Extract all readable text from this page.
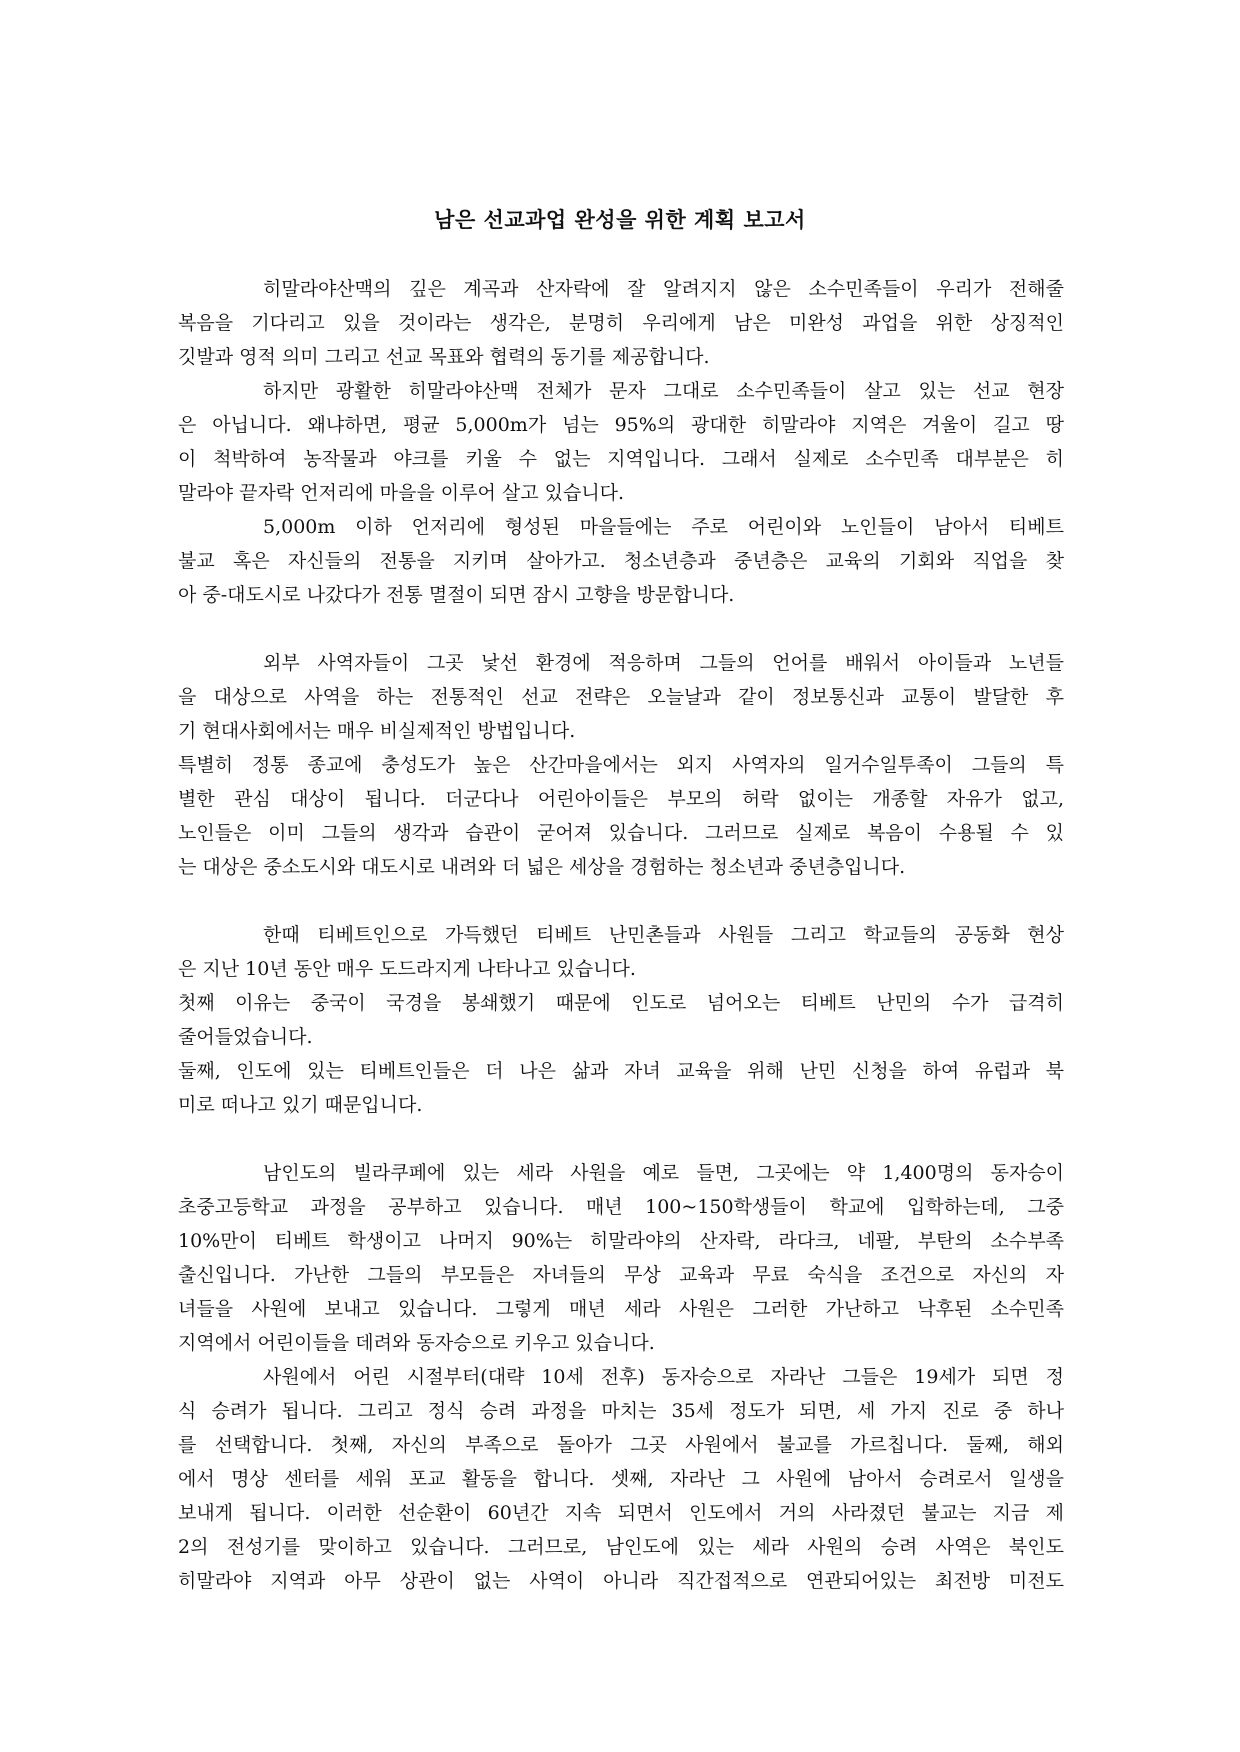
남은 선교과업 완성을 위한 계획 보고서
히말라야산맥의 깊은 계곡과 산자락에 잘 알려지지 않은 소수민족들이 우리가 전해줄
복음을 기다리고 있을 것이라는 생각은, 분명히 우리에게 남은 미완성 과업을 위한 상징적인
깃발과 영적 의미 그리고 선교 목표와 협력의 동기를 제공합니다.
하지만 광활한 히말라야산맥 전체가 문자 그대로 소수민족들이 살고 있는 선교 현장
은 아닙니다. 왜냐하면, 평균 5,000m가 넘는 95%의 광대한 히말라야 지역은 겨울이 길고 땅
이 척박하여 농작물과 야크를 키울 수 없는 지역입니다. 그래서 실제로 소수민족 대부분은 히
말라야 끝자락 언저리에 마을을 이루어 살고 있습니다.
5,000m 이하 언저리에 형성된 마을들에는 주로 어린이와 노인들이 남아서 티베트
불교 혹은 자신들의 전통을 지키며 살아가고. 청소년층과 중년층은 교육의 기회와 직업을 찾
아 중-대도시로 나갔다가 전통 멸절이 되면 잠시 고향을 방문합니다.
외부 사역자들이 그곳 낯선 환경에 적응하며 그들의 언어를 배워서 아이들과 노년들
을 대상으로 사역을 하는 전통적인 선교 전략은 오늘날과 같이 정보통신과 교통이 발달한 후
기 현대사회에서는 매우 비실제적인 방법입니다.
특별히 정통 종교에 충성도가 높은 산간마을에서는 외지 사역자의 일거수일투족이 그들의 특
별한 관심 대상이 됩니다. 더군다나 어린아이들은 부모의 허락 없이는 개종할 자유가 없고,
노인들은 이미 그들의 생각과 습관이 굳어져 있습니다. 그러므로 실제로 복음이 수용될 수 있
는 대상은 중소도시와 대도시로 내려와 더 넓은 세상을 경험하는 청소년과 중년층입니다.
한때 티베트인으로 가득했던 티베트 난민촌들과 사원들 그리고 학교들의 공동화 현상
은 지난 10년 동안 매우 도드라지게 나타나고 있습니다.
첫째 이유는 중국이 국경을 봉쇄했기 때문에 인도로 넘어오는 티베트 난민의 수가 급격히
줄어들었습니다.
둘째, 인도에 있는 티베트인들은 더 나은 삶과 자녀 교육을 위해 난민 신청을 하여 유럽과 북
미로 떠나고 있기 때문입니다.
남인도의 빌라쿠페에 있는 세라 사원을 예로 들면, 그곳에는 약 1,400명의 동자승이
초중고등학교 과정을 공부하고 있습니다. 매년 100~150학생들이 학교에 입학하는데, 그중
10%만이 티베트 학생이고 나머지 90%는 히말라야의 산자락, 라다크, 네팔, 부탄의 소수부족
출신입니다. 가난한 그들의 부모들은 자녀들의 무상 교육과 무료 숙식을 조건으로 자신의 자
녀들을 사원에 보내고 있습니다. 그렇게 매년 세라 사원은 그러한 가난하고 낙후된 소수민족
지역에서 어린이들을 데려와 동자승으로 키우고 있습니다.
사원에서 어린 시절부터(대략 10세 전후) 동자승으로 자라난 그들은 19세가 되면 정
식 승려가 됩니다. 그리고 정식 승려 과정을 마치는 35세 정도가 되면, 세 가지 진로 중 하나
를 선택합니다. 첫째, 자신의 부족으로 돌아가 그곳 사원에서 불교를 가르칩니다. 둘째, 해외
에서 명상 센터를 세워 포교 활동을 합니다. 셋째, 자라난 그 사원에 남아서 승려로서 일생을
보내게 됩니다. 이러한 선순환이 60년간 지속 되면서 인도에서 거의 사라졌던 불교는 지금 제
2의 전성기를 맞이하고 있습니다. 그러므로, 남인도에 있는 세라 사원의 승려 사역은 북인도
히말라야 지역과 아무 상관이 없는 사역이 아니라 직간접적으로 연관되어있는 최전방 미전도
